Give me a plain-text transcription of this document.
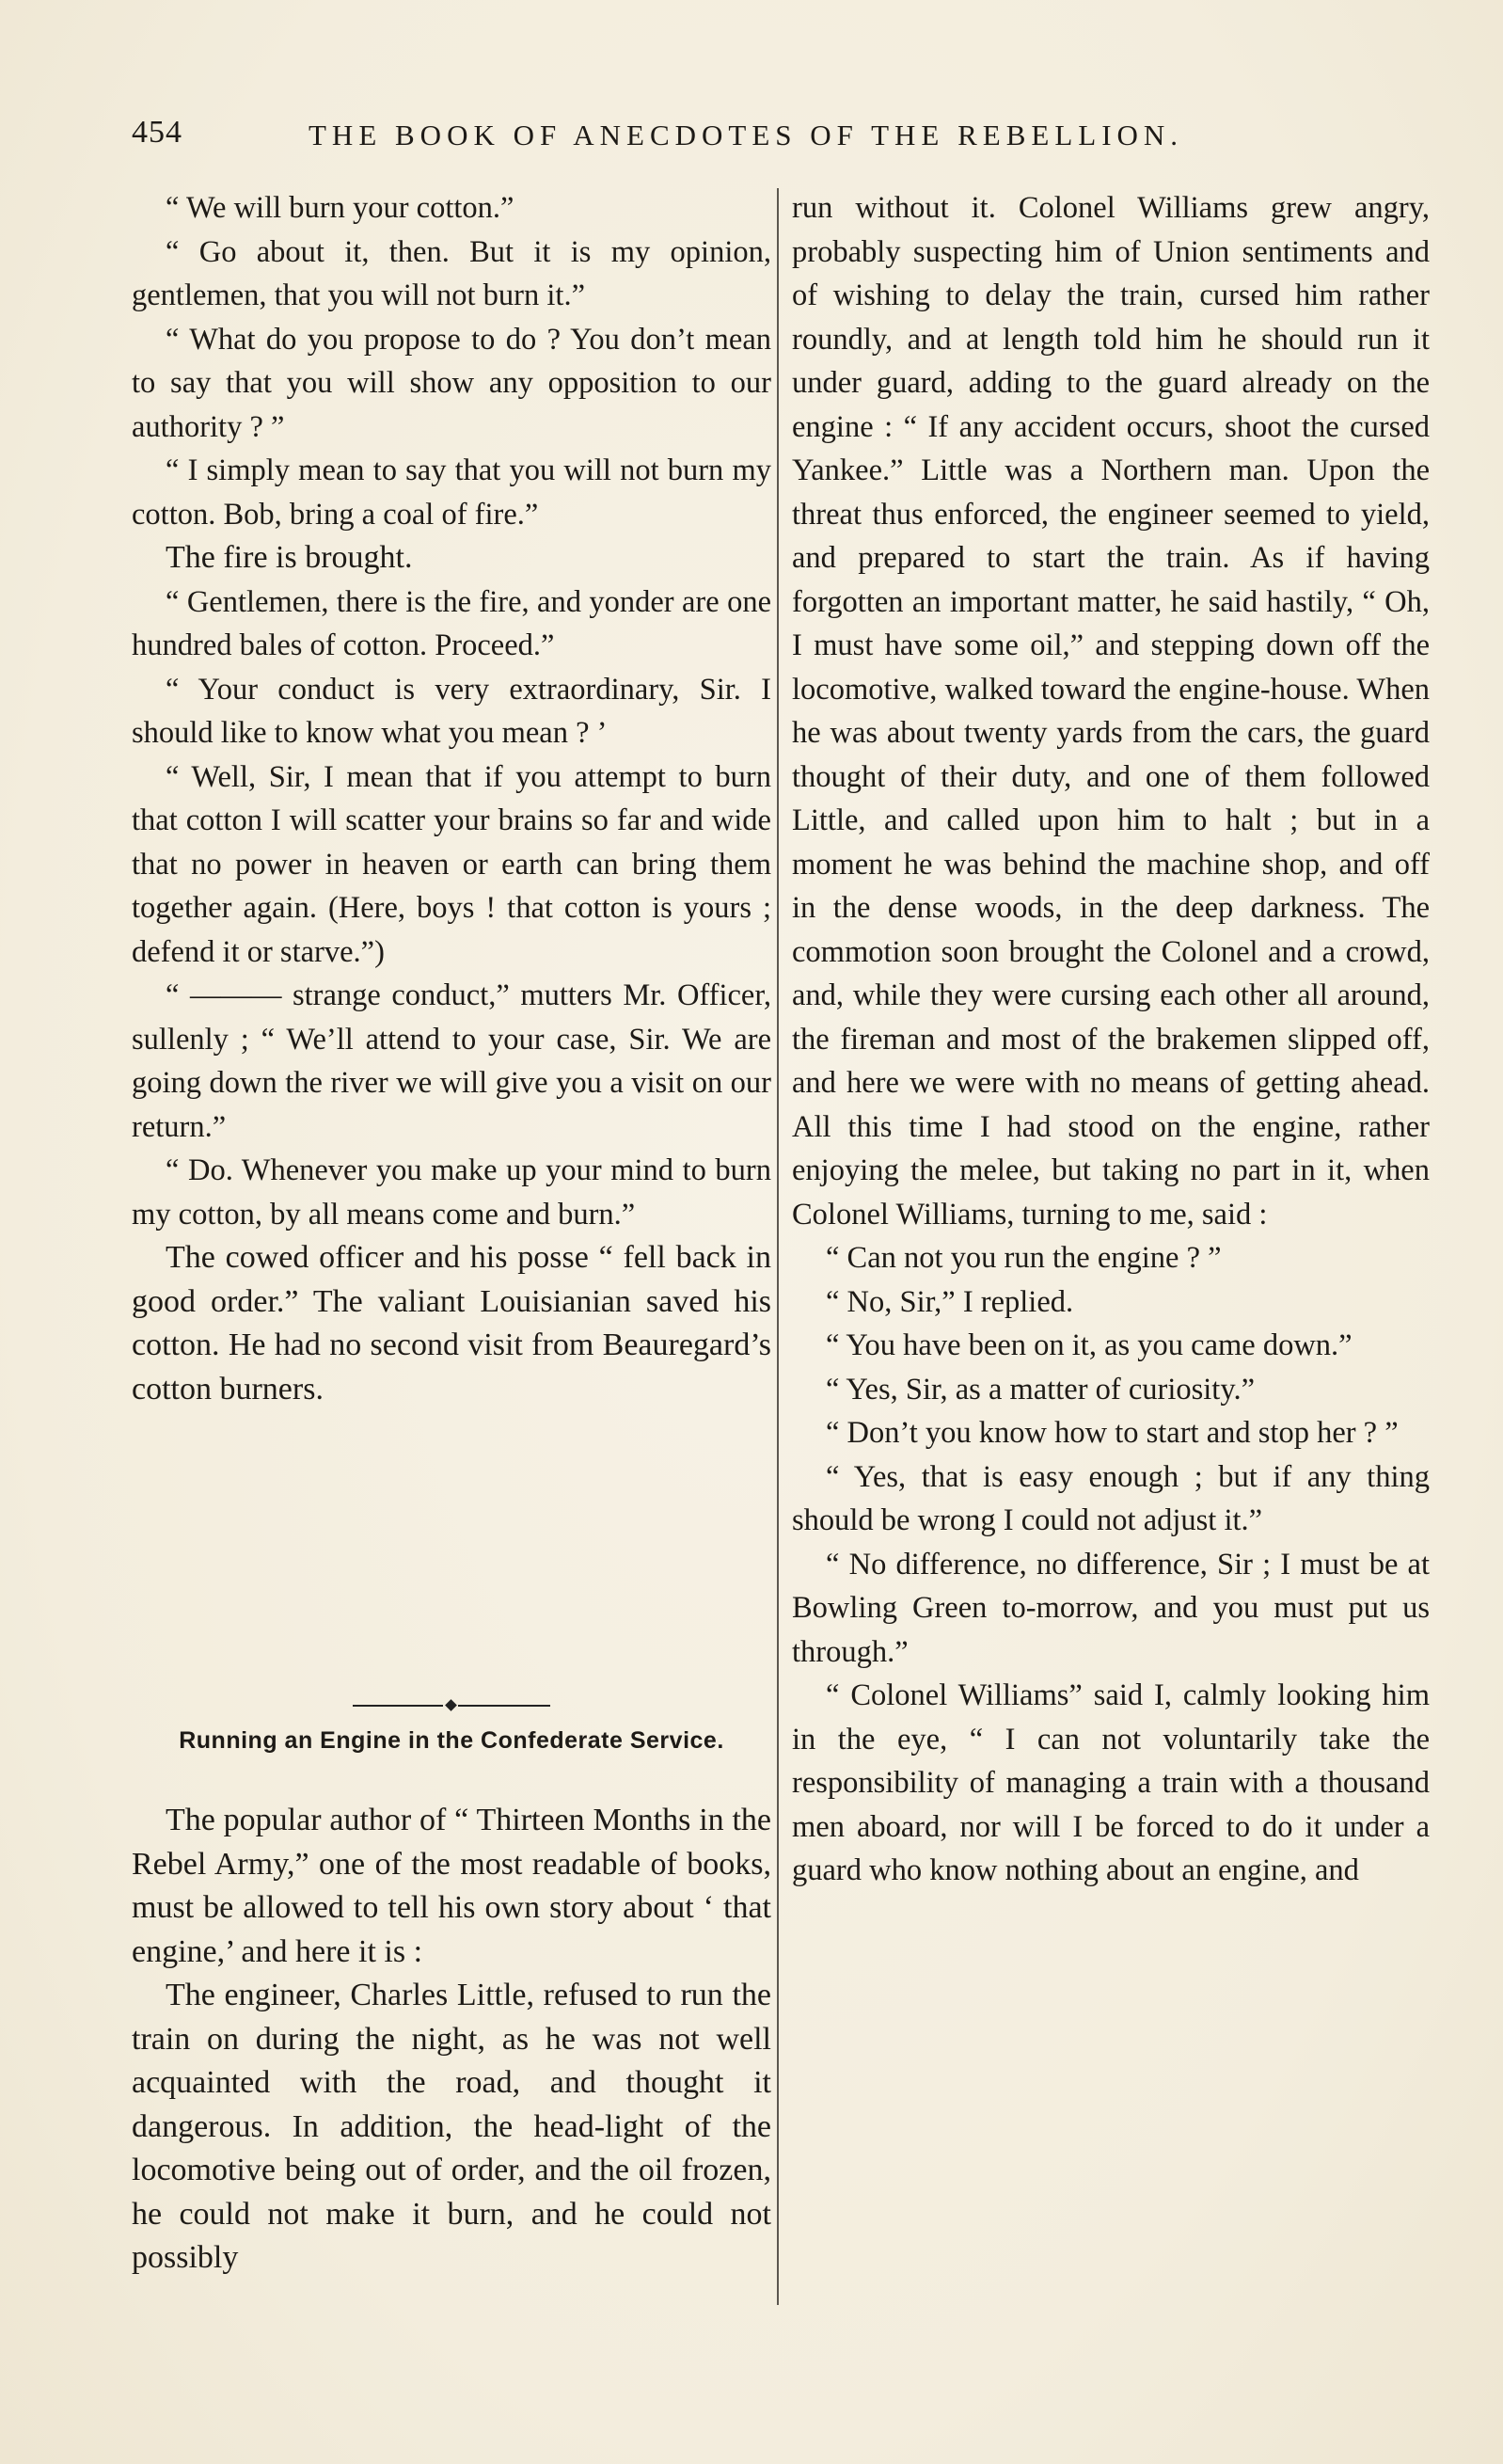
454	THE BOOK OF ANECDOTES OF THE REBELLION.

“ We will burn your cotton.”

“ Go about it, then. But it is my opinion, gentlemen, that you will not burn it.”

“ What do you propose to do ? You don’t mean to say that you will show any opposition to our authority ? ”

“ I simply mean to say that you will not burn my cotton. Bob, bring a coal of fire.”

The fire is brought.

“ Gentlemen, there is the fire, and yonder are one hundred bales of cotton. Proceed.”

“ Your conduct is very extraordinary, Sir. I should like to know what you mean ? ’

“ Well, Sir, I mean that if you attempt to burn that cotton I will scatter your brains so far and wide that no power in heaven or earth can bring them together again. (Here, boys ! that cotton is yours ; defend it or starve.”)

“ ——— strange conduct,” mutters Mr. Officer, sullenly ; “ We’ll attend to your case, Sir. We are going down the river we will give you a visit on our return.”

“ Do. Whenever you make up your mind to burn my cotton, by all means come and burn.”

The cowed officer and his posse “ fell back in good order.” The valiant Louisianian saved his cotton. He had no second visit from Beauregard’s cotton burners.

Running an Engine in the Confederate Service.

The popular author of “ Thirteen Months in the Rebel Army,” one of the most readable of books, must be allowed to tell his own story about ‘ that engine,’ and here it is :

The engineer, Charles Little, refused to run the train on during the night, as he was not well acquainted with the road, and thought it dangerous. In addition, the head-light of the locomotive being out of order, and the oil frozen, he could not make it burn, and he could not possibly

run without it. Colonel Williams grew angry, probably suspecting him of Union sentiments and of wishing to delay the train, cursed him rather roundly, and at length told him he should run it under guard, adding to the guard already on the engine : “ If any accident occurs, shoot the cursed Yankee.” Little was a Northern man. Upon the threat thus enforced, the engineer seemed to yield, and prepared to start the train. As if having forgotten an important matter, he said hastily, “ Oh, I must have some oil,” and stepping down off the locomotive, walked toward the engine-house. When he was about twenty yards from the cars, the guard thought of their duty, and one of them followed Little, and called upon him to halt ; but in a moment he was behind the machine shop, and off in the dense woods, in the deep darkness. The commotion soon brought the Colonel and a crowd, and, while they were cursing each other all around, the fireman and most of the brakemen slipped off, and here we were with no means of getting ahead. All this time I had stood on the engine, rather enjoying the melee, but taking no part in it, when Colonel Williams, turning to me, said :

“ Can not you run the engine ? ”

“ No, Sir,” I replied.

“ You have been on it, as you came down.”

“ Yes, Sir, as a matter of curiosity.”

“ Don’t you know how to start and stop her ? ”

“ Yes, that is easy enough ; but if any thing should be wrong I could not adjust it.”

“ No difference, no difference, Sir ; I must be at Bowling Green to-morrow, and you must put us through.”

“ Colonel Williams” said I, calmly looking him in the eye, “ I can not voluntarily take the responsibility of managing a train with a thousand men aboard, nor will I be forced to do it under a guard who know nothing about an engine, and
